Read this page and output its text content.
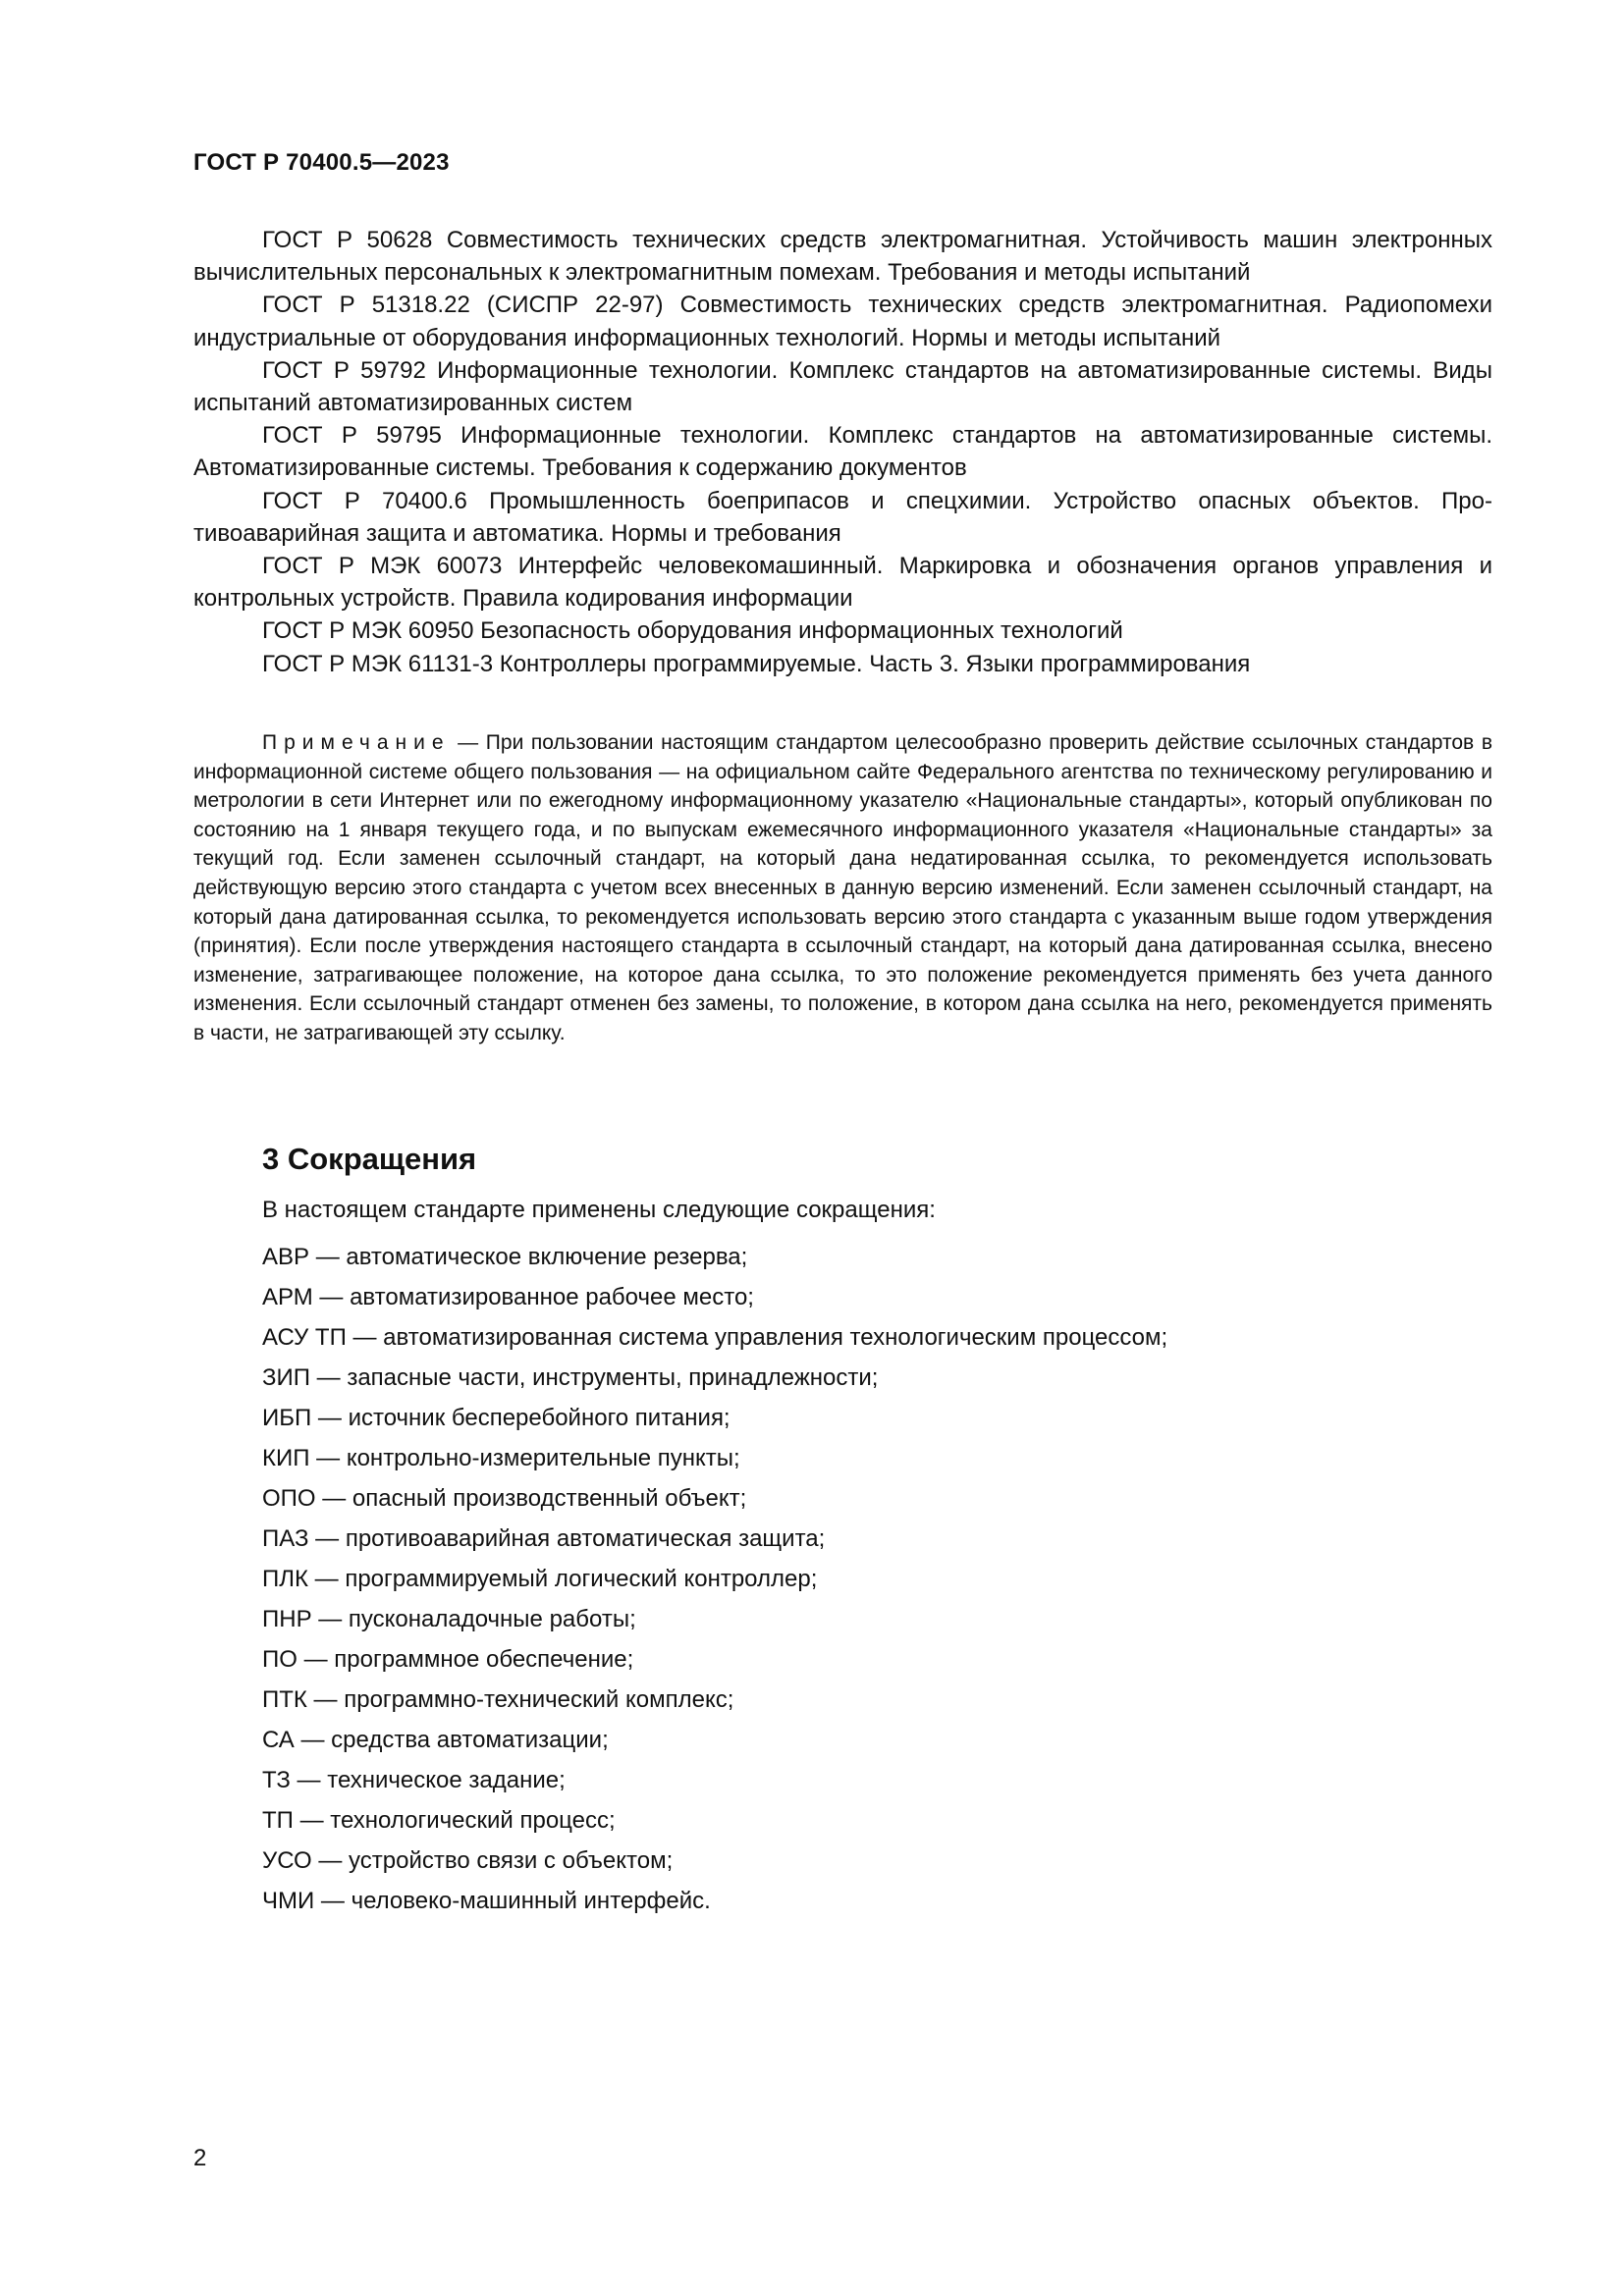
ГОСТ Р 70400.5—2023
ГОСТ Р 50628 Совместимость технических средств электромагнитная. Устойчивость машин электронных вычислительных персональных к электромагнитным помехам. Требования и методы испытаний
ГОСТ Р 51318.22 (СИСПР 22-97) Совместимость технических средств электромагнитная. Радиопомехи индустриальные от оборудования информационных технологий. Нормы и методы испытаний
ГОСТ Р 59792 Информационные технологии. Комплекс стандартов на автоматизированные системы. Виды испытаний автоматизированных систем
ГОСТ Р 59795 Информационные технологии. Комплекс стандартов на автоматизированные системы. Автоматизированные системы. Требования к содержанию документов
ГОСТ Р 70400.6 Промышленность боеприпасов и спецхимии. Устройство опасных объектов. Противоаварийная защита и автоматика. Нормы и требования
ГОСТ Р МЭК 60073 Интерфейс человекомашинный. Маркировка и обозначения органов управления и контрольных устройств. Правила кодирования информации
ГОСТ Р МЭК 60950 Безопасность оборудования информационных технологий
ГОСТ Р МЭК 61131-3 Контроллеры программируемые. Часть 3. Языки программирования

Примечание — При пользовании настоящим стандартом целесообразно проверить действие ссылочных стандартов в информационной системе общего пользования — на официальном сайте Федерального агентства по техническому регулированию и метрологии в сети Интернет или по ежегодному информационному указателю «Национальные стандарты», который опубликован по состоянию на 1 января текущего года, и по выпускам ежемесячного информационного указателя «Национальные стандарты» за текущий год. Если заменен ссылочный стандарт, на который дана недатированная ссылка, то рекомендуется использовать действующую версию этого стандарта с учетом всех внесенных в данную версию изменений. Если заменен ссылочный стандарт, на который дана датированная ссылка, то рекомендуется использовать версию этого стандарта с указанным выше годом утверждения (принятия). Если после утверждения настоящего стандарта в ссылочный стандарт, на который дана датированная ссылка, внесено изменение, затрагивающее положение, на которое дана ссылка, то это положение рекомендуется применять без учета данного изменения. Если ссылочный стандарт отменен без замены, то положение, в котором дана ссылка на него, рекомендуется применять в части, не затрагивающей эту ссылку.

3 Сокращения

В настоящем стандарте применены следующие сокращения:

АВР — автоматическое включение резерва;
АРМ — автоматизированное рабочее место;
АСУ ТП — автоматизированная система управления технологическим процессом;
ЗИП — запасные части, инструменты, принадлежности;
ИБП — источник бесперебойного питания;
КИП — контрольно-измерительные пункты;
ОПО — опасный производственный объект;
ПАЗ — противоаварийная автоматическая защита;
ПЛК — программируемый логический контроллер;
ПНР — пусконаладочные работы;
ПО — программное обеспечение;
ПТК — программно-технический комплекс;
СА — средства автоматизации;
ТЗ — техническое задание;
ТП — технологический процесс;
УСО — устройство связи с объектом;
ЧМИ — человеко-машинный интерфейс.

2
